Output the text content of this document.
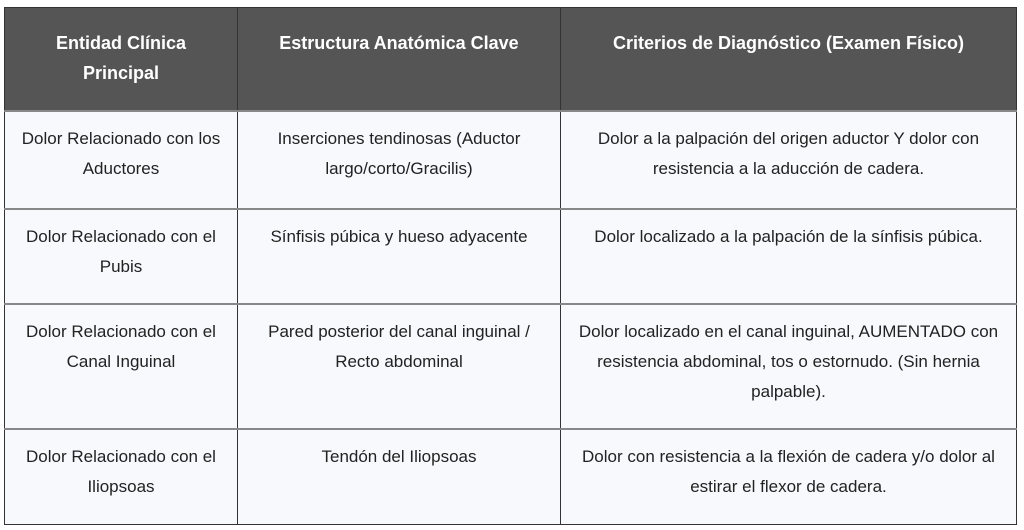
Entidad Clínica Principal	Estructura Anatómica Clave	Criterios de Diagnóstico (Examen Físico)
Dolor Relacionado con los Aductores	Inserciones tendinosas (Aductor largo/corto/Gracilis)	Dolor a la palpación del origen aductor Y dolor con resistencia a la aducción de cadera.
Dolor Relacionado con el Pubis	Sínfisis púbica y hueso adyacente	Dolor localizado a la palpación de la sínfisis púbica.
Dolor Relacionado con el Canal Inguinal	Pared posterior del canal inguinal / Recto abdominal	Dolor localizado en el canal inguinal, AUMENTADO con resistencia abdominal, tos o estornudo. (Sin hernia palpable).
Dolor Relacionado con el Iliopsoas	Tendón del Iliopsoas	Dolor con resistencia a la flexión de cadera y/o dolor al estirar el flexor de cadera.
